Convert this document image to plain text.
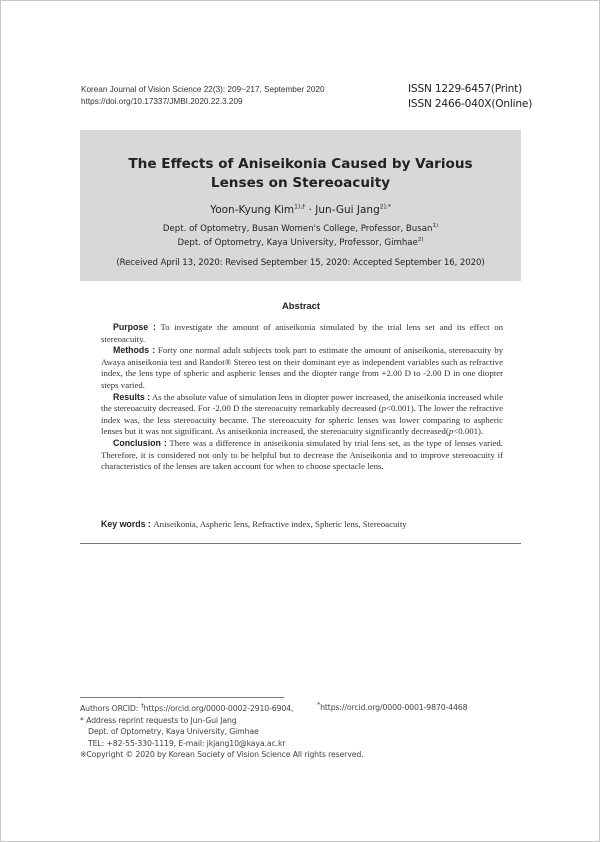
Korean Journal of Vision Science 22(3): 209~217, September 2020
https://doi.org/10.17337/JMBI.2020.22.3.209
ISSN 1229-6457(Print)
ISSN 2466-040X(Online)
The Effects of Aniseikonia Caused by Various
Lenses on Stereoacuity
Yoon-Kyung Kim$^{1),\dagger}$ · Jun-Gui Jang$^{2),*}$
Dept. of Optometry, Busan Women's College, Professor, Busan$^{1)}$
Dept. of Optometry, Kaya University, Professor, Gimhae$^{2)}$
(Received April 13, 2020: Revised September 15, 2020: Accepted September 16, 2020)
Abstract

Purpose : To investigate the amount of aniseikonia simulated by the trial lens set and its effect on stereoacuity.

Methods : Forty one normal adult subjects took part to estimate the amount of aniseikonia, stereoacuity by Awaya aniseikonia test and Randot® Stereo test on their dominant eye as independent variables such as refractive index, the lens type of spheric and aspheric lenses and the diopter range from +2.00 D to -2.00 D in one diopter steps varied.

Results : As the absolute value of simulation lens in diopter power increased, the aniseikonia increased while the stereoacuity decreased. For -2.00 D the stereoacuity remarkably decreased (p<0.001). The lower the refractive index was, the less stereoacuity became. The stereoacuity for spheric lenses was lower comparing to aspheric lenses but it was not significant. As aniseikonia increased, the stereoacuity significantly decreased(p<0.001).

Conclusion : There was a difference in aniseikonia simulated by trial lens set, as the type of lenses varied. Therefore, it is considered not only to be helpful but to decrease the Aniseikonia and to improve stereoacuity if characteristics of the lenses are taken account for when to choose spectacle lens.

Key words : Aniseikonia, Aspheric lens, Refractive index, Spheric lens, Stereoacuity
Authors ORCID: †https://orcid.org/0000-0002-2910-6904,
* Address reprint requests to Jun-Gui Jang
Dept. of Optometry, Kaya University, Gimhae
TEL: +82-55-330-1119, E-mail: jkjang10@kaya.ac.kr
※Copyright © 2020 by Korean Society of Vision Science All rights reserved.
*https://orcid.org/0000-0001-9870-4468
